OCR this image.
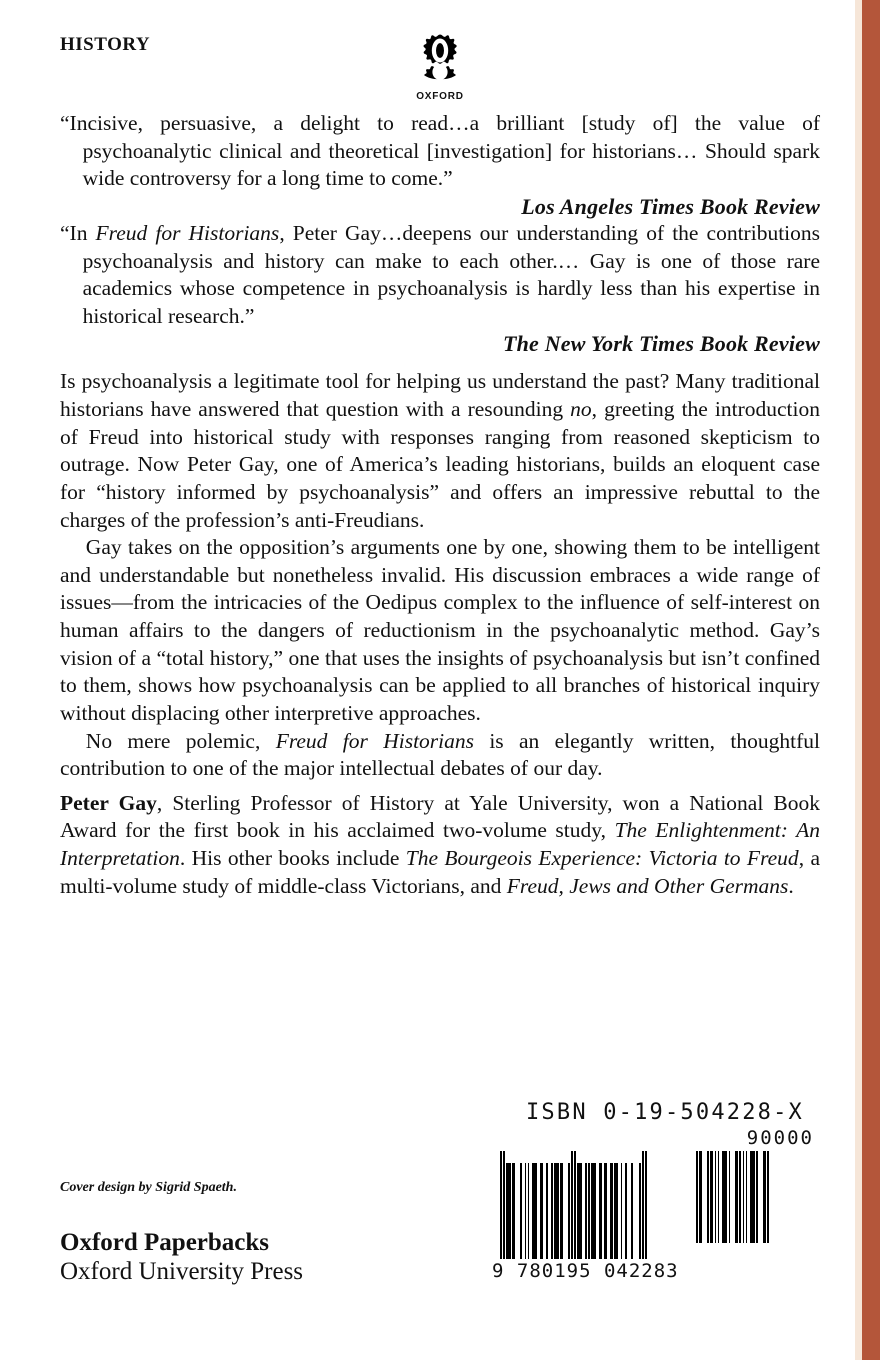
HISTORY
OXFORD

“Incisive, persuasive, a delight to read…a brilliant [study of] the value of psychoanalytic clinical and theoretical [investigation] for historians… Should spark wide controversy for a long time to come.”

Los Angeles Times Book Review

“In Freud for Historians, Peter Gay…deepens our understanding of the contributions psychoanalysis and history can make to each other.… Gay is one of those rare academics whose competence in psychoanalysis is hardly less than his expertise in historical research.”

The New York Times Book Review

Is psychoanalysis a legitimate tool for helping us understand the past? Many traditional historians have answered that question with a resounding no, greeting the introduction of Freud into historical study with responses ranging from reasoned skepticism to outrage. Now Peter Gay, one of America’s leading historians, builds an eloquent case for “history informed by psychoanalysis” and offers an impressive rebuttal to the charges of the profession’s anti-Freudians.

Gay takes on the opposition’s arguments one by one, showing them to be intelligent and understandable but nonetheless invalid. His discussion embraces a wide range of issues—from the intricacies of the Oedipus complex to the influence of self-interest on human affairs to the dangers of reductionism in the psychoanalytic method. Gay’s vision of a “total history,” one that uses the insights of psychoanalysis but isn’t confined to them, shows how psychoanalysis can be applied to all branches of historical inquiry without displacing other interpretive approaches.

No mere polemic, Freud for Historians is an elegantly written, thoughtful contribution to one of the major intellectual debates of our day.

Peter Gay, Sterling Professor of History at Yale University, won a National Book Award for the first book in his acclaimed two-volume study, The Enlightenment: An Interpretation. His other books include The Bourgeois Experience: Victoria to Freud, a multi-volume study of middle-class Victorians, and Freud, Jews and Other Germans.

ISBN 0-19-504228-X
90000
9 780195 042283

Cover design by Sigrid Spaeth.

Oxford Paperbacks

Oxford University Press
